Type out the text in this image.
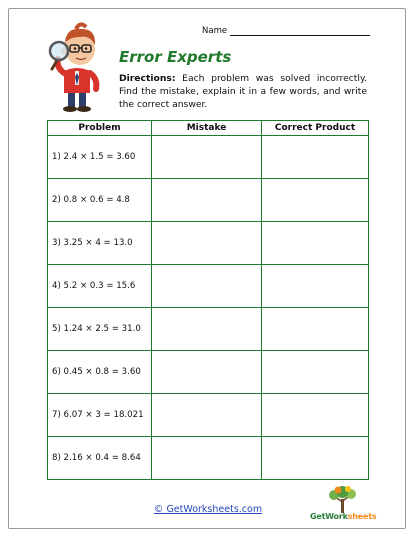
Name
Error Experts
Directions: Each problem was solved incorrectly. Find the mistake, explain it in a few words, and write the correct answer.
Problem	Mistake	Correct Product
1) 2.4 × 1.5 = 3.60		
2) 0.8 × 0.6 = 4.8		
3) 3.25 × 4 = 13.0		
4) 5.2 × 0.3 = 15.6		
5) 1.24 × 2.5 = 31.0		
6) 0.45 × 0.8 = 3.60		
7) 6.07 × 3 = 18.021		
8) 2.16 × 0.4 = 8.64		
© GetWorksheets.com
GetWorksheets
